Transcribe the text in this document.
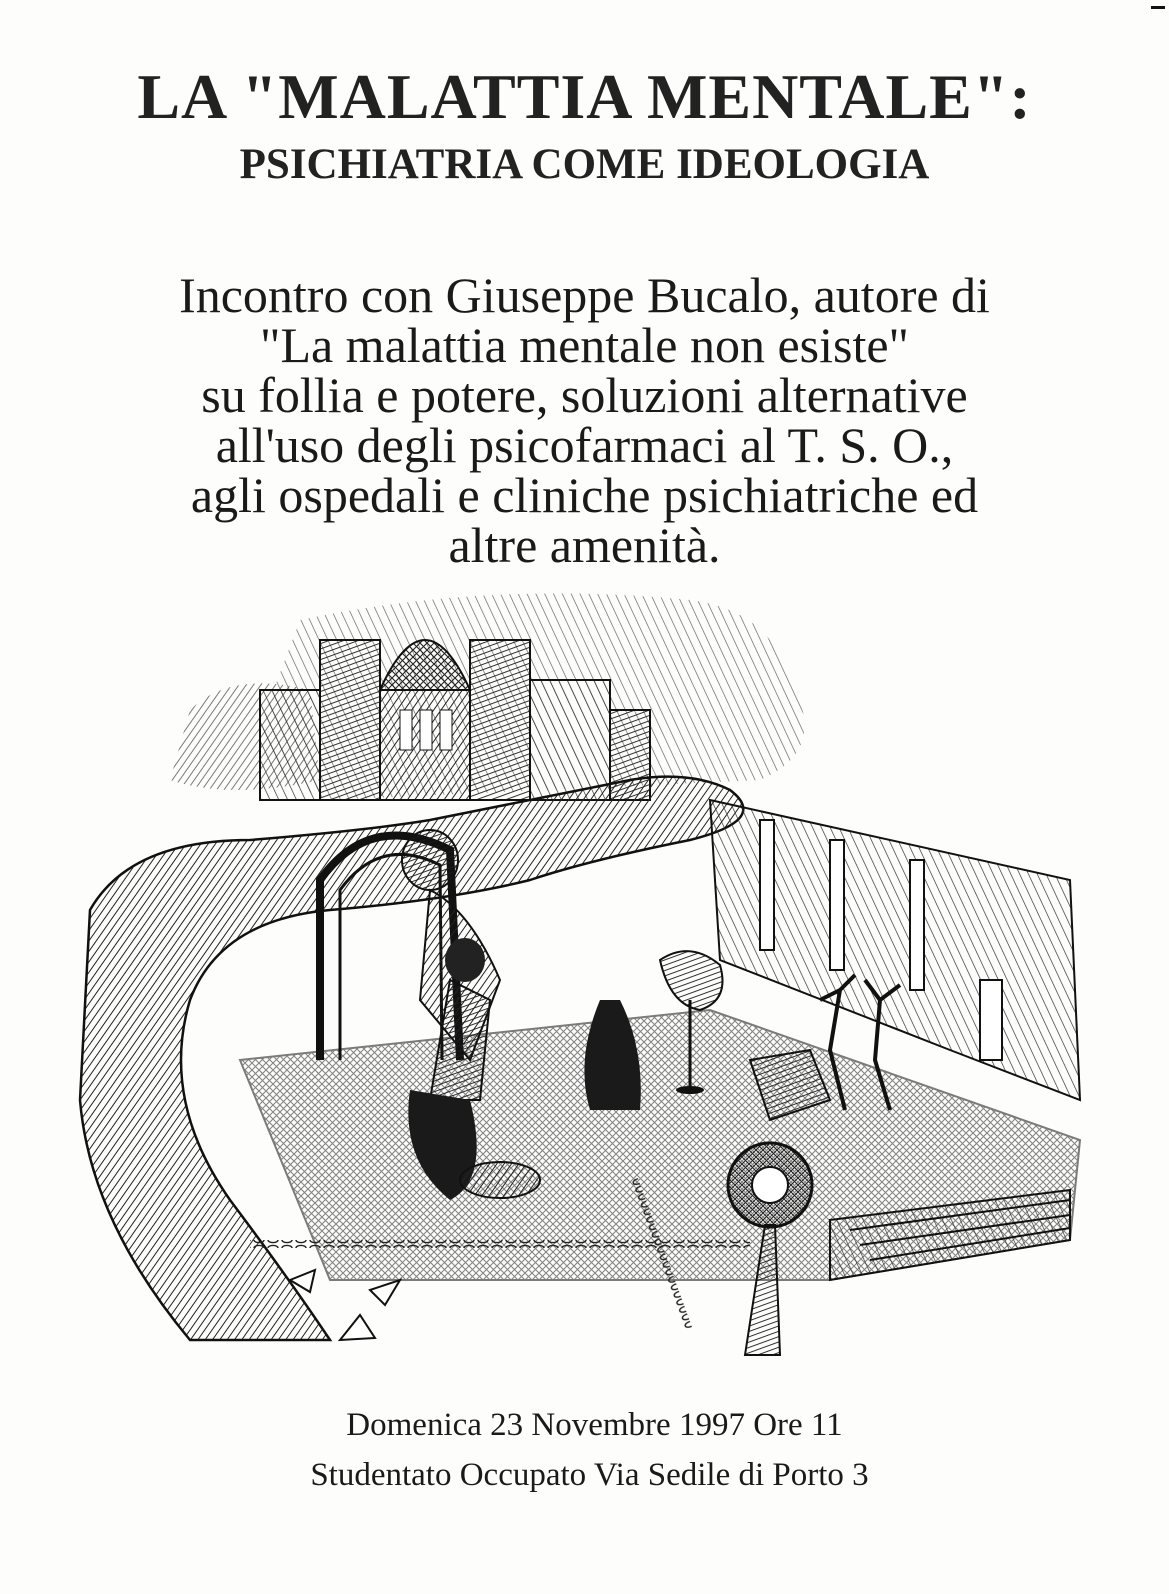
LA "MALATTIA MENTALE":
PSICHIATRIA COME IDEOLOGIA
Incontro con Giuseppe Bucalo, autore di
"La malattia mentale non esiste"
su follia e potere, soluzioni alternative
all'uso degli psicofarmaci al T. S. O.,
agli ospedali e cliniche psichiatriche ed
altre amenità.
Domenica 23 Novembre 1997 Ore 11
Studentato Occupato Via Sedile di Porto 3
